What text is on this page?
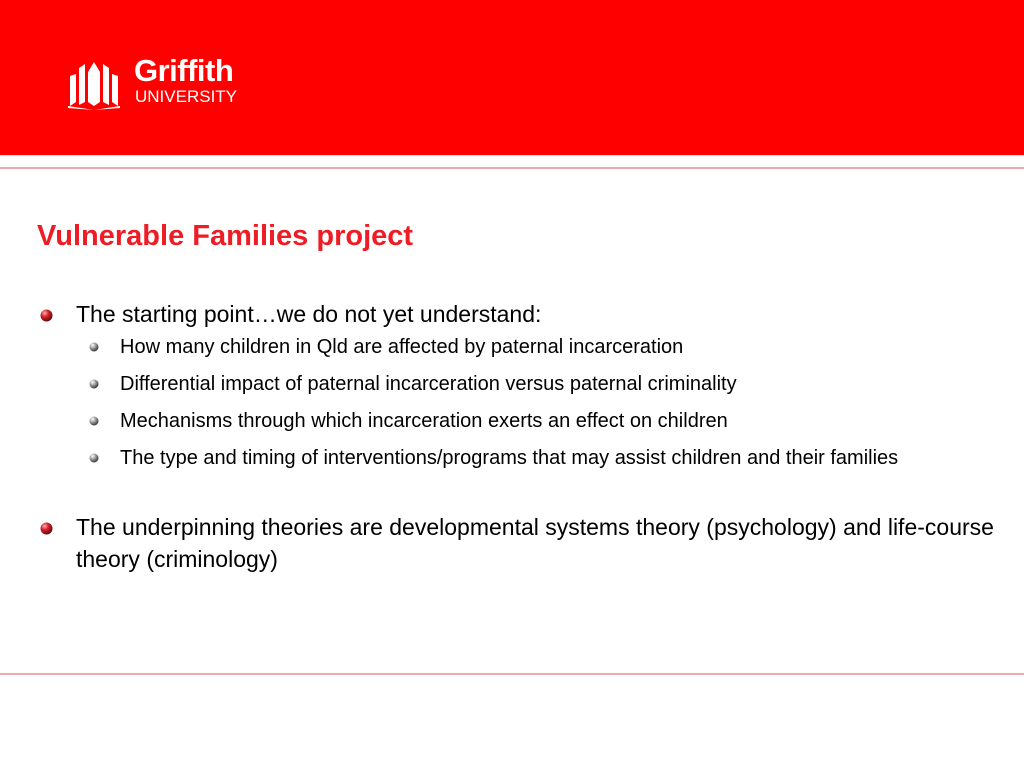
Griffith
UNIVERSITY
Vulnerable Families project
The starting point…we do not yet understand:
How many children in Qld are affected by paternal incarceration
Differential impact of paternal incarceration versus paternal criminality
Mechanisms through which incarceration exerts an effect on children
The type and timing of interventions/programs that may assist children and their families
The underpinning theories are developmental systems theory (psychology) and life-course theory (criminology)
